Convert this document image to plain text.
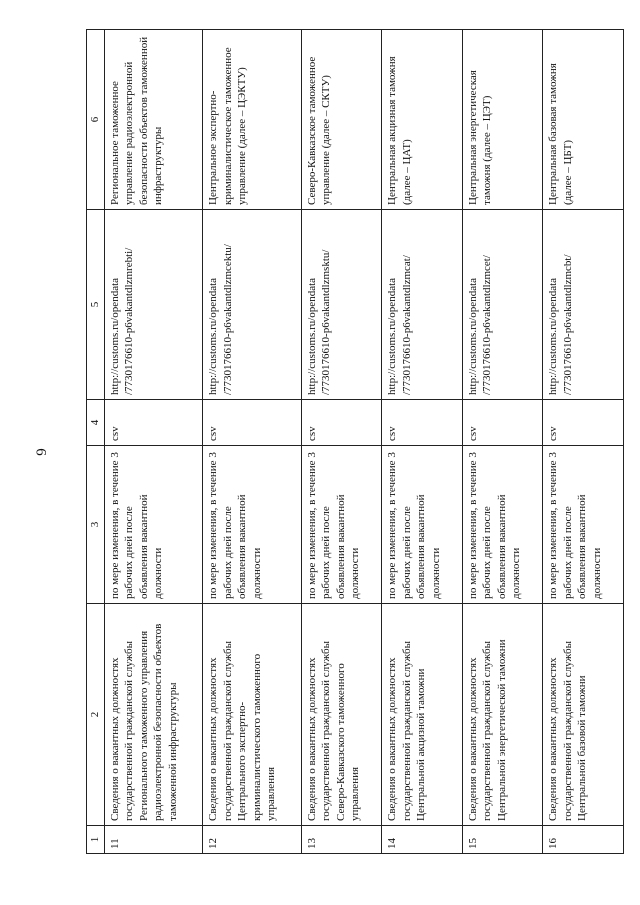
6
1	2	3	4	5	6
11	Сведения о вакантных должностях государственной гражданской службы Регионального таможенного управления радиоэлектронной безопасности объектов таможенной инфраструктуры	по мере изменения, в течение 3 рабочих дней после объявления вакантной должности	csv	http://customs.ru/opendata /7730176610-p6vakantdlzmrebti/	Региональное таможенное управление радиоэлектронной безопасности объектов таможенной инфраструктуры
12	Сведения о вакантных должностях государственной гражданской службы Центрального экспертно-криминалистического таможенного управления	по мере изменения, в течение 3 рабочих дней после объявления вакантной должности	csv	http://customs.ru/opendata /7730176610-p6vakantdlzmcektu/	Центральное экспертно-криминалистическое таможенное управление (далее – ЦЭКТУ)
13	Сведения о вакантных должностях государственной гражданской службы Северо-Кавказского таможенного управления	по мере изменения, в течение 3 рабочих дней после объявления вакантной должности	csv	http://customs.ru/opendata /7730176610-p6vakantdlzmsktu/	Северо-Кавказское таможенное управление (далее – СКТУ)
14	Сведения о вакантных должностях государственной гражданской службы Центральной акцизной таможни	по мере изменения, в течение 3 рабочих дней после объявления вакантной должности	csv	http://customs.ru/opendata /7730176610-p6vakantdlzmcat/	Центральная акцизная таможня (далее – ЦАТ)
15	Сведения о вакантных должностях государственной гражданской службы Центральной энергетической таможни	по мере изменения, в течение 3 рабочих дней после объявления вакантной должности	csv	http://customs.ru/opendata /7730176610-p6vakantdlzmcet/	Центральная энергетическая таможня (далее – ЦЭТ)
16	Сведения о вакантных должностях государственной гражданской службы Центральной базовой таможни	по мере изменения, в течение 3 рабочих дней после объявления вакантной должности	csv	http://customs.ru/opendata /7730176610-p6vakantdlzmcbt/	Центральная базовая таможня (далее – ЦБТ)
